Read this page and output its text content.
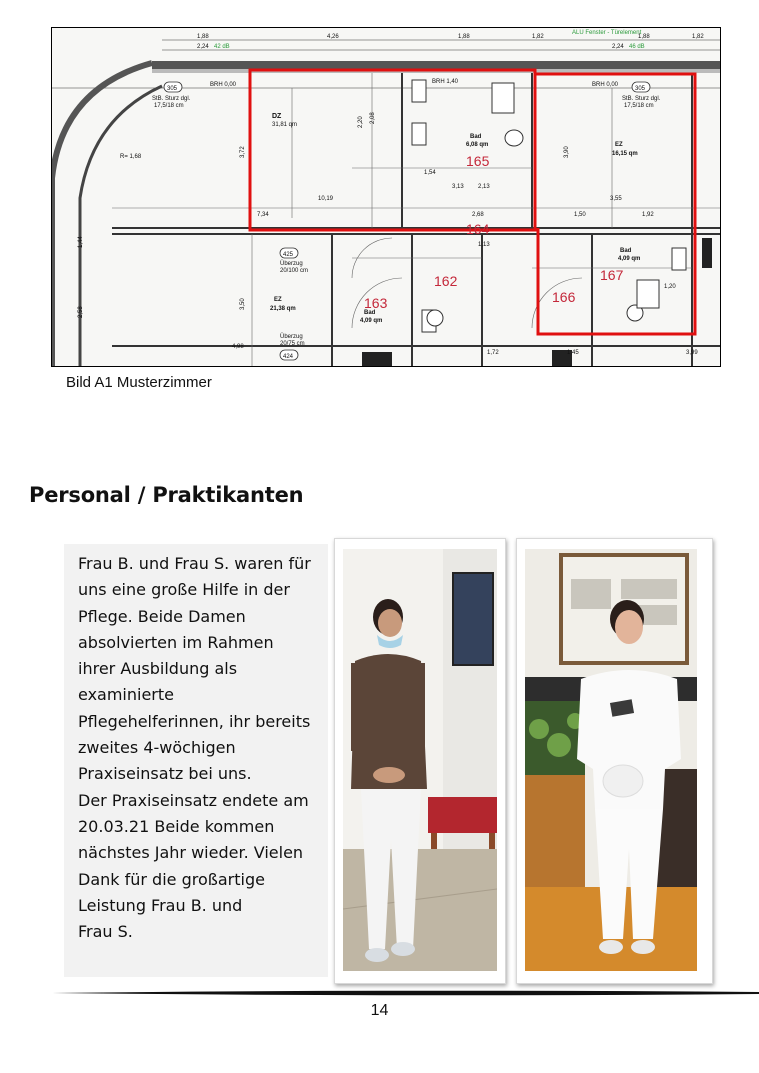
DZ
31,81 qm
Bad
6,08 qm	EZ
16,15 qm
Bad
4,09 qm
EZ
21,38 qm
Bad
4,09 qm
StB. Sturz dgl.
17,5/18 cm
StB. Sturz dgl.
17,5/18 cm
BRH 0,00	BRH 0,00
BRH 1,40
Überzug
20/100 cm
Überzug
20/75 cm
ALU Fenster - Türelement
1,88	4,26	1,88	1,82	1,88	1,82
2,24 42 dB	2,24 46 dB
10,19
7,34
3,55
2,68
4,98
3,99
1,54
3,13
1,45
1,72
1,50	1,92
R= 1,68
1,20
2,13
1,13
3,72
3,50
3,90
2,58
1,44
2,20 2,08
305	305
425
424
165
167
162
163	166
164
Bild A1 Musterzimmer
Personal / Praktikanten

Frau B. und Frau S. waren für
uns eine große Hilfe in der
Pflege. Beide Damen
absolvierten im Rahmen
ihrer Ausbildung als
examinierte
Pflegehelferinnen, ihr bereits
zweites 4-wöchigen
Praxiseinsatz bei uns.
Der Praxiseinsatz endete am
20.03.21 Beide kommen
nächstes Jahr wieder. Vielen
Dank für die großartige
Leistung Frau B. und
Frau S.

14
